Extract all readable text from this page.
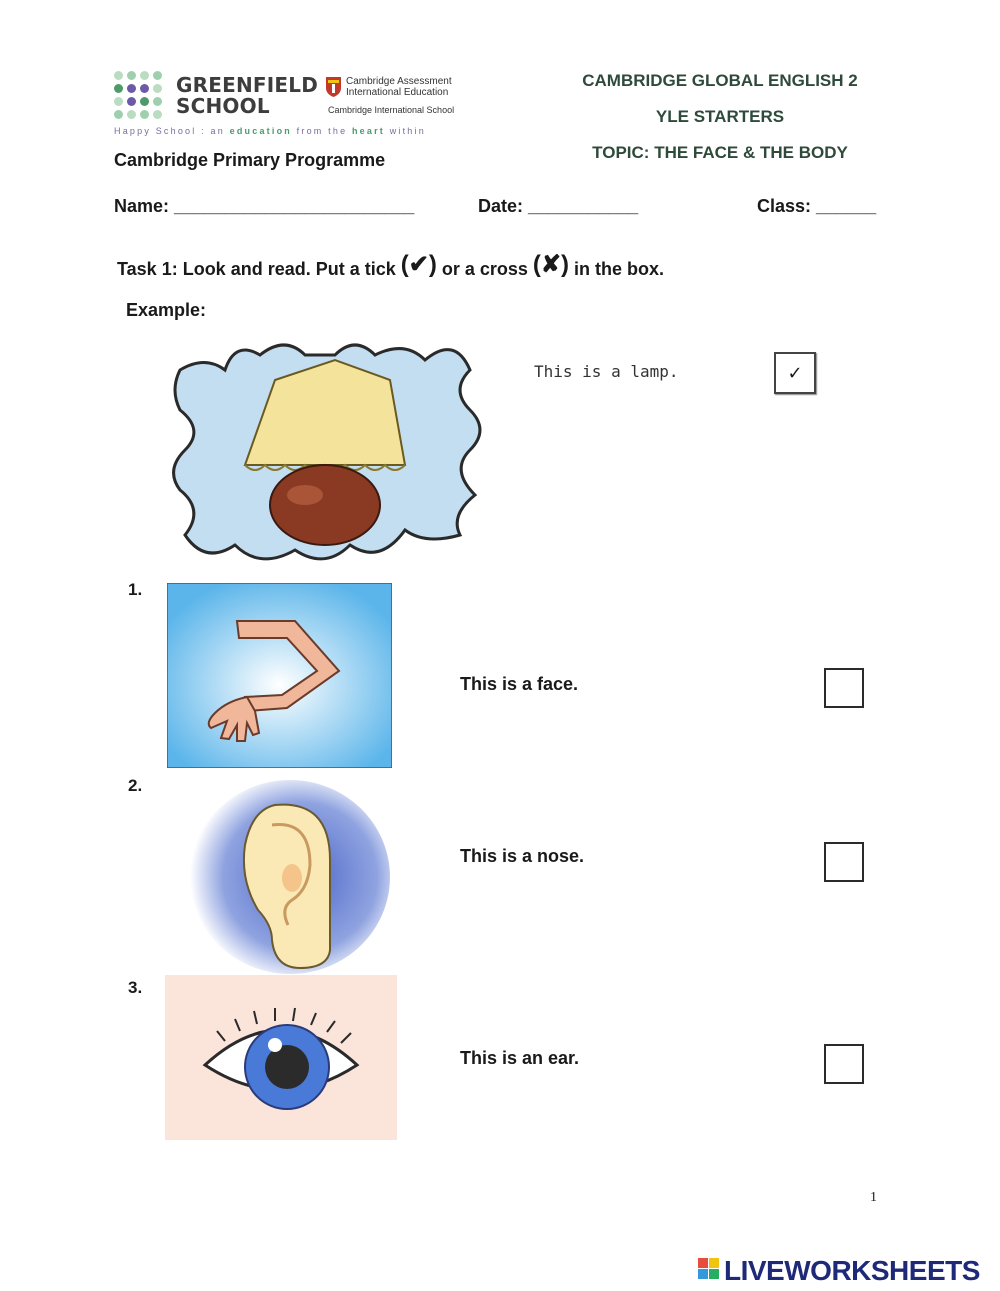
GREENFIELD
SCHOOL
Cambridge Assessment
International Education
Cambridge International School
Happy School : an education from the heart within
Cambridge Primary Programme
CAMBRIDGE GLOBAL ENGLISH 2
YLE STARTERS
TOPIC: THE FACE & THE BODY
Name: ________________________	Date: ___________	Class: ______
Task 1: Look and read. Put a tick (✔) or a cross (✘) in the box.
Example:
This is a lamp.	✓
1.
This is a face.
2.
This is a nose.
3.
This is an ear.
1
LIVEWORKSHEETS
